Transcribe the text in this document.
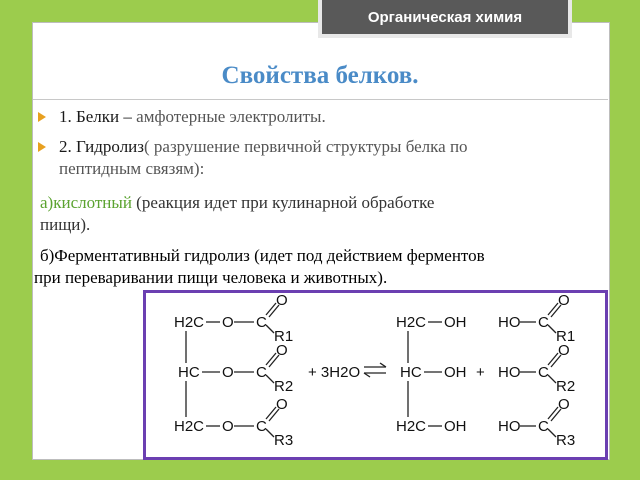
Органическая химия
Свойства белков.
1. Белки – амфотерные электролиты.
2. Гидролиз( разрушение первичной структуры белка по
пептидным связям):
а)кислотный (реакция идет при кулинарной обработке
пищи).
б)Ферментативный гидролиз (идет под действием ферментов
при переваривании пищи человека и животных).
H2C O C
O
R1
HC O C
O
R2
H2C O C
O
R3
+ 3H2O
H2C OH
HC OH +
H2C OH
HO C
O
R1
HO C
O
R2
HO C
O
R3
